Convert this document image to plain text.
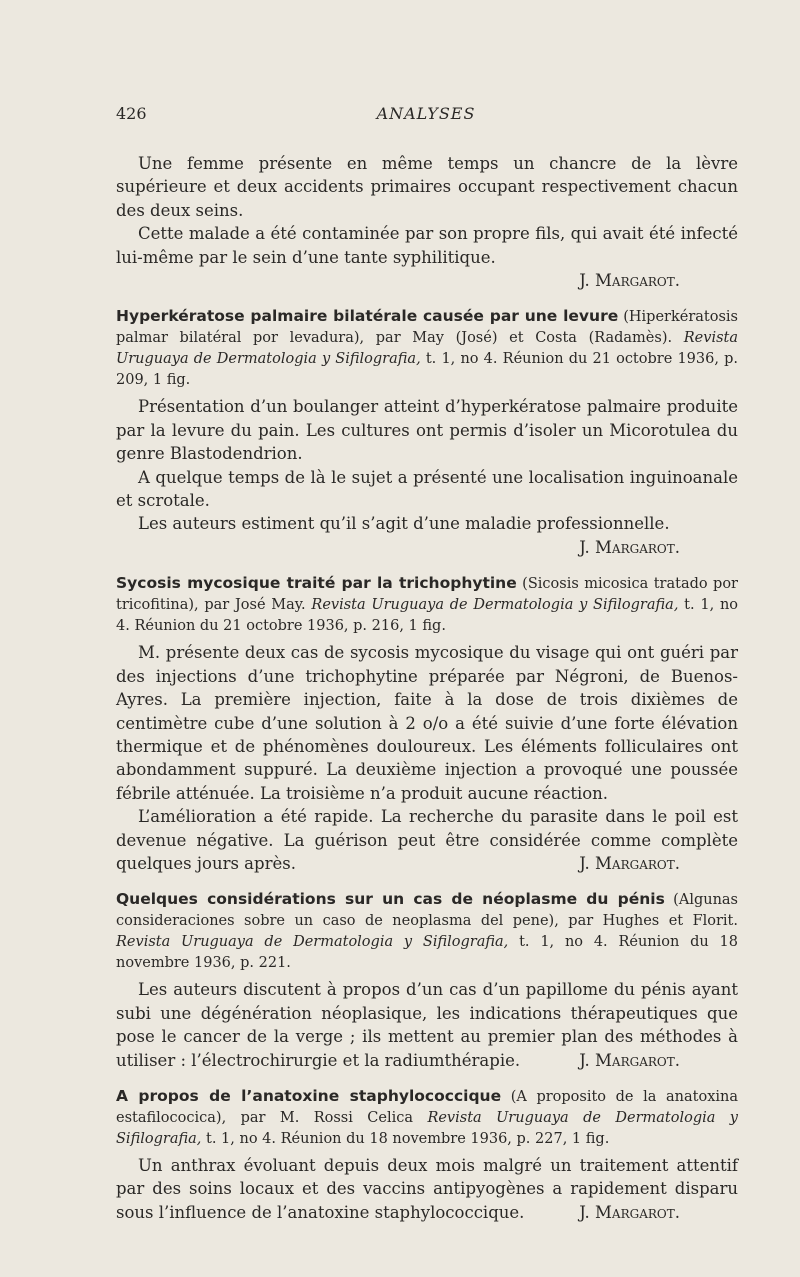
426	ANALYSES

Une femme présente en même temps un chancre de la lèvre supérieure et deux accidents primaires occupant respectivement chacun des deux seins.

Cette malade a été contaminée par son propre fils, qui avait été infecté lui-même par le sein d’une tante syphilitique.

J. Margarot.

Hyperkératose palmaire bilatérale causée par une levure (Hiperkératosis palmar bilatéral por levadura), par May (José) et Costa (Radamès). Revista Uruguaya de Dermatologia y Sifilografia, t. 1, no 4. Réunion du 21 octobre 1936, p. 209, 1 fig.

Présentation d’un boulanger atteint d’hyperkératose palmaire produite par la levure du pain. Les cultures ont permis d’isoler un Micorotulea du genre Blastodendrion.

A quelque temps de là le sujet a présenté une localisation inguinoanale et scrotale.

Les auteurs estiment qu’il s’agit d’une maladie professionnelle.

J. Margarot.

Sycosis mycosique traité par la trichophytine (Sicosis micosica tratado por tricofitina), par José May. Revista Uruguaya de Dermatologia y Sifilografia, t. 1, no 4. Réunion du 21 octobre 1936, p. 216, 1 fig.

M. présente deux cas de sycosis mycosique du visage qui ont guéri par des injections d’une trichophytine préparée par Négroni, de Buenos-Ayres. La première injection, faite à la dose de trois dixièmes de centimètre cube d’une solution à 2 o/o a été suivie d’une forte élévation thermique et de phénomènes douloureux. Les éléments folliculaires ont abondamment suppuré. La deuxième injection a provoqué une poussée fébrile atténuée. La troisième n’a produit aucune réaction.

L’amélioration a été rapide. La recherche du parasite dans le poil est devenue négative. La guérison peut être considérée comme complète quelques jours après.	J. Margarot.

Quelques considérations sur un cas de néoplasme du pénis (Algunas consideraciones sobre un caso de neoplasma del pene), par Hughes et Florit. Revista Uruguaya de Dermatologia y Sifilografia, t. 1, no 4. Réunion du 18 novembre 1936, p. 221.

Les auteurs discutent à propos d’un cas d’un papillome du pénis ayant subi une dégénération néoplasique, les indications thérapeutiques que pose le cancer de la verge ; ils mettent au premier plan des méthodes à utiliser : l’électrochirurgie et la radiumthérapie.	J. Margarot.

A propos de l’anatoxine staphylococcique (A proposito de la anatoxina estafilococica), par M. Rossi Celica Revista Uruguaya de Dermatologia y Sifilografia, t. 1, no 4. Réunion du 18 novembre 1936, p. 227, 1 fig.

Un anthrax évoluant depuis deux mois malgré un traitement attentif par des soins locaux et des vaccins antipyogènes a rapidement disparu sous l’influence de l’anatoxine staphylococcique.	J. Margarot.
